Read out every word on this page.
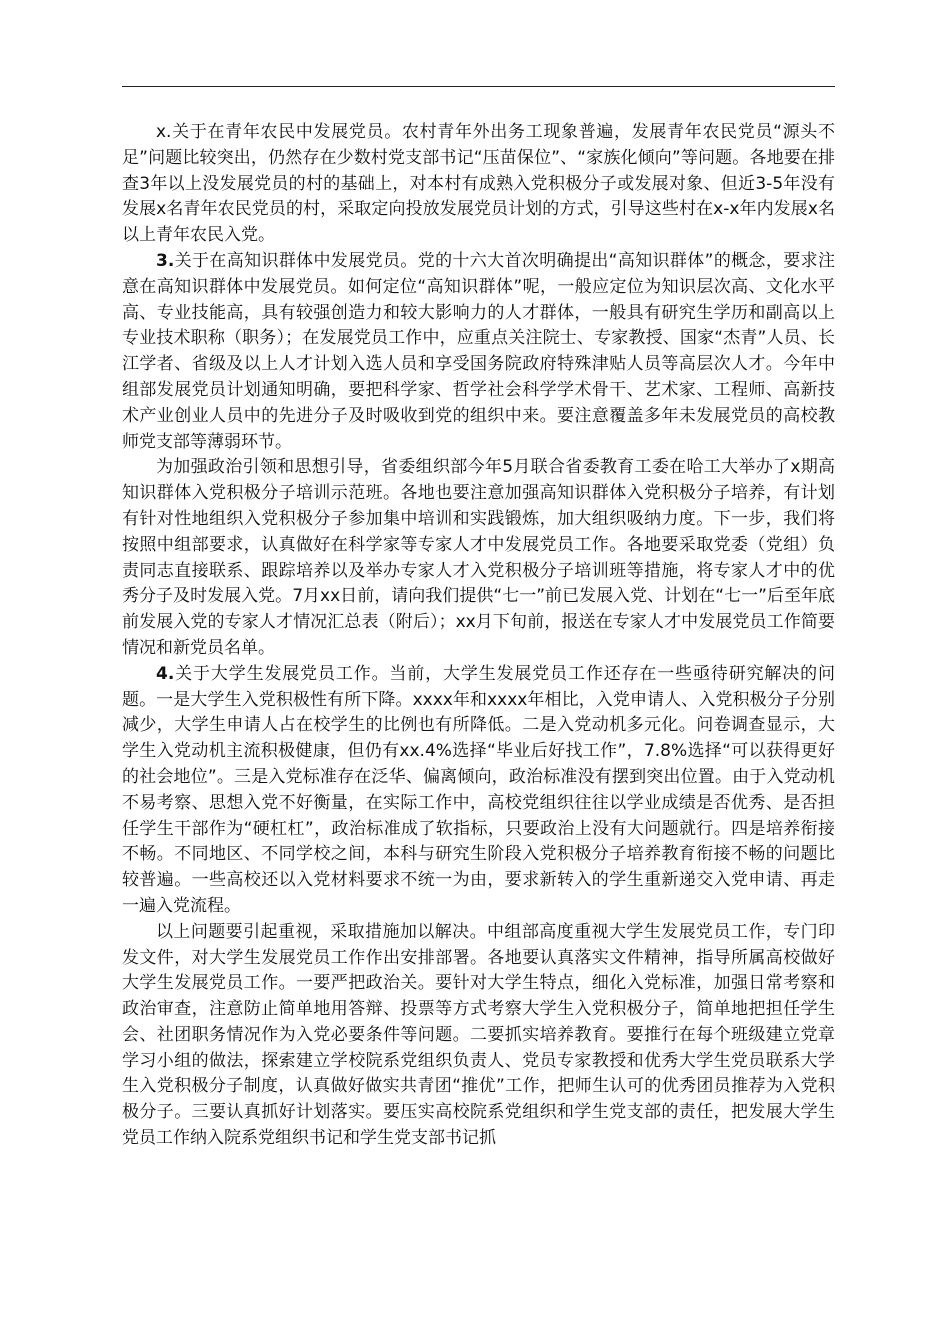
x.关于在青年农民中发展党员。农村青年外出务工现象普遍，发展青年农民党员“源头不足”问题比较突出，仍然存在少数村党支部书记“压苗保位”、“家族化倾向”等问题。各地要在排查3年以上没发展党员的村的基础上，对本村有成熟入党积极分子或发展对象、但近3-5年没有发展x名青年农民党员的村，采取定向投放发展党员计划的方式，引导这些村在x-x年内发展x名以上青年农民入党。

3.关于在高知识群体中发展党员。党的十六大首次明确提出“高知识群体”的概念，要求注意在高知识群体中发展党员。如何定位“高知识群体”呢，一般应定位为知识层次高、文化水平高、专业技能高，具有较强创造力和较大影响力的人才群体，一般具有研究生学历和副高以上专业技术职称（职务）；在发展党员工作中，应重点关注院士、专家教授、国家“杰青”人员、长江学者、省级及以上人才计划入选人员和享受国务院政府特殊津贴人员等高层次人才。今年中组部发展党员计划通知明确，要把科学家、哲学社会科学学术骨干、艺术家、工程师、高新技术产业创业人员中的先进分子及时吸收到党的组织中来。要注意覆盖多年未发展党员的高校教师党支部等薄弱环节。

为加强政治引领和思想引导，省委组织部今年5月联合省委教育工委在哈工大举办了x期高知识群体入党积极分子培训示范班。各地也要注意加强高知识群体入党积极分子培养，有计划有针对性地组织入党积极分子参加集中培训和实践锻炼，加大组织吸纳力度。下一步，我们将按照中组部要求，认真做好在科学家等专家人才中发展党员工作。各地要采取党委（党组）负责同志直接联系、跟踪培养以及举办专家人才入党积极分子培训班等措施，将专家人才中的优秀分子及时发展入党。7月xx日前，请向我们提供“七一”前已发展入党、计划在“七一”后至年底前发展入党的专家人才情况汇总表（附后）；xx月下旬前，报送在专家人才中发展党员工作简要情况和新党员名单。

4.关于大学生发展党员工作。当前，大学生发展党员工作还存在一些亟待研究解决的问题。一是大学生入党积极性有所下降。xxxx年和xxxx年相比，入党申请人、入党积极分子分别减少，大学生申请人占在校学生的比例也有所降低。二是入党动机多元化。问卷调查显示，大学生入党动机主流积极健康，但仍有xx.4%选择“毕业后好找工作”，7.8%选择“可以获得更好的社会地位”。三是入党标准存在泛华、偏离倾向，政治标准没有摆到突出位置。由于入党动机不易考察、思想入党不好衡量，在实际工作中，高校党组织往往以学业成绩是否优秀、是否担任学生干部作为“硬杠杠”，政治标准成了软指标，只要政治上没有大问题就行。四是培养衔接不畅。不同地区、不同学校之间，本科与研究生阶段入党积极分子培养教育衔接不畅的问题比较普遍。一些高校还以入党材料要求不统一为由，要求新转入的学生重新递交入党申请、再走一遍入党流程。

以上问题要引起重视，采取措施加以解决。中组部高度重视大学生发展党员工作，专门印发文件，对大学生发展党员工作作出安排部署。各地要认真落实文件精神，指导所属高校做好大学生发展党员工作。一要严把政治关。要针对大学生特点，细化入党标准，加强日常考察和政治审查，注意防止简单地用答辩、投票等方式考察大学生入党积极分子，简单地把担任学生会、社团职务情况作为入党必要条件等问题。二要抓实培养教育。要推行在每个班级建立党章学习小组的做法，探索建立学校院系党组织负责人、党员专家教授和优秀大学生党员联系大学生入党积极分子制度，认真做好做实共青团“推优”工作，把师生认可的优秀团员推荐为入党积极分子。三要认真抓好计划落实。要压实高校院系党组织和学生党支部的责任，把发展大学生党员工作纳入院系党组织书记和学生党支部书记抓
